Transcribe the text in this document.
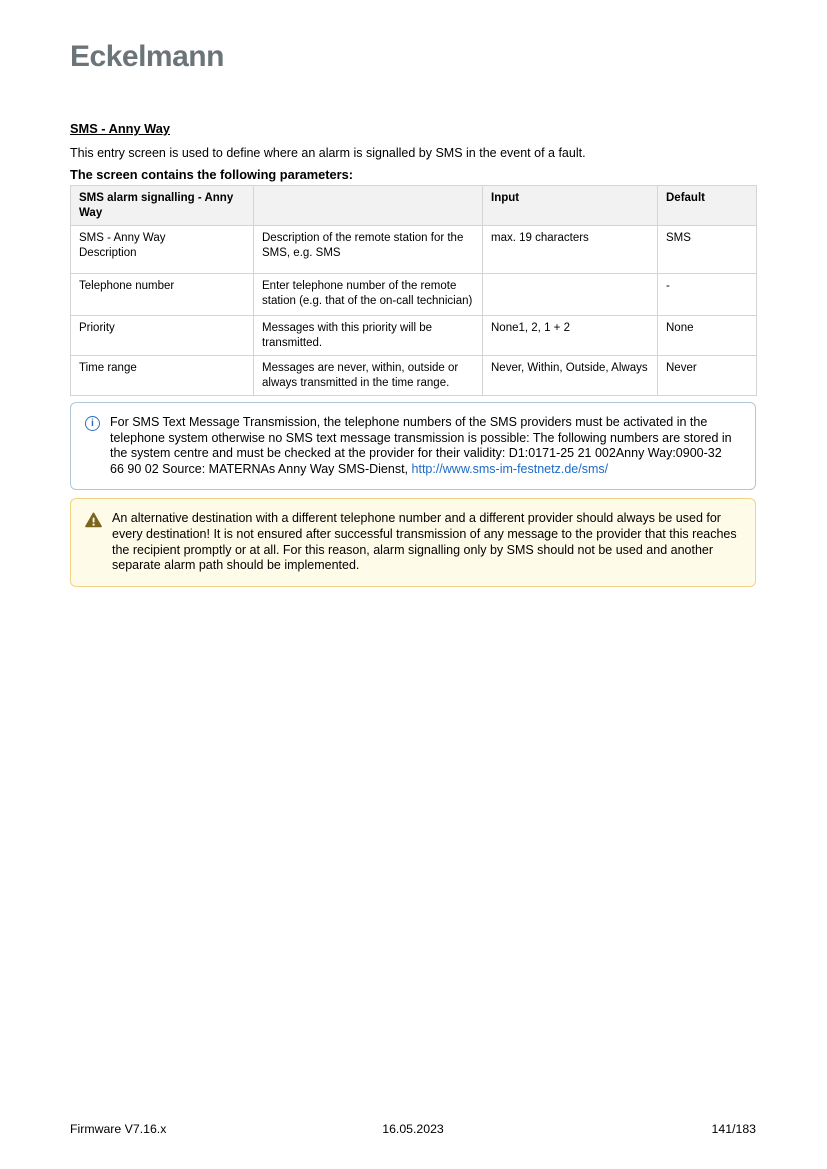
Eckelmann
SMS - Anny Way

This entry screen is used to define where an alarm is signalled by SMS in the event of a fault.

The screen contains the following parameters:

SMS alarm signalling - Anny Way		Input	Default

SMS - Anny Way
Description	Description of the remote station for the SMS, e.g. SMS	max. 19 characters	SMS
Telephone number	Enter telephone number of the remote station (e.g. that of the on-call technician)		-
Priority	Messages with this priority will be transmitted.	None1, 2, 1 + 2	None
Time range	Messages are never, within, outside or always transmitted in the time range.	Never, Within, Outside, Always	Never
i	For SMS Text Message Transmission, the telephone numbers of the SMS providers must be activated in the telephone system otherwise no SMS text message transmission is possible: The following numbers are stored in the system centre and must be checked at the provider for their validity: D1:0171-25 21 002Anny Way:0900-32 66 90 02 Source: MATERNAs Anny Way SMS-Dienst, http://www.sms-im-festnetz.de/sms/

An alternative destination with a different telephone number and a different provider should always be used for every destination! It is not ensured after successful transmission of any message to the provider that this reaches the recipient promptly or at all. For this reason, alarm signalling only by SMS should not be used and another separate alarm path should be implemented.

Firmware V7.16.x	16.05.2023	141/183
